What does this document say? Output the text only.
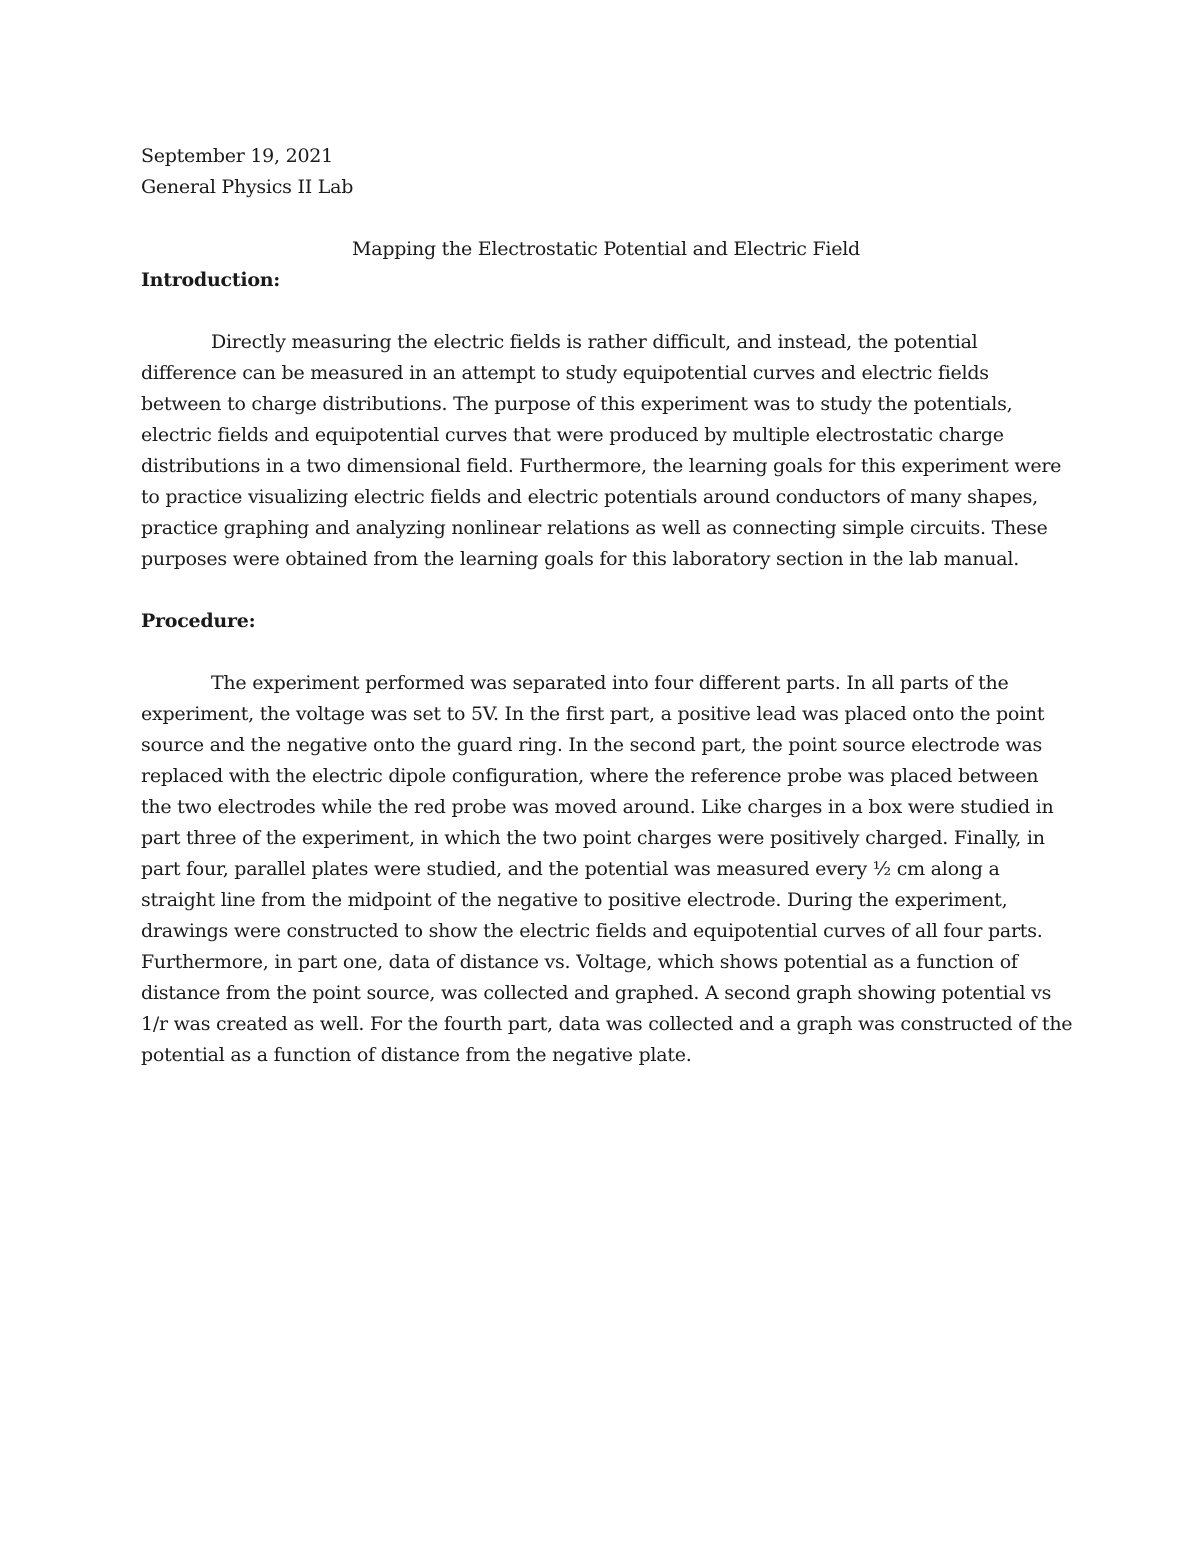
September 19, 2021
General Physics II Lab
Mapping the Electrostatic Potential and Electric Field
Introduction:
Directly measuring the electric fields is rather difficult, and instead, the potential
difference can be measured in an attempt to study equipotential curves and electric fields
between to charge distributions. The purpose of this experiment was to study the potentials,
electric fields and equipotential curves that were produced by multiple electrostatic charge
distributions in a two dimensional field. Furthermore, the learning goals for this experiment were
to practice visualizing electric fields and electric potentials around conductors of many shapes,
practice graphing and analyzing nonlinear relations as well as connecting simple circuits. These
purposes were obtained from the learning goals for this laboratory section in the lab manual.
Procedure:
The experiment performed was separated into four different parts. In all parts of the
experiment, the voltage was set to 5V. In the first part, a positive lead was placed onto the point
source and the negative onto the guard ring. In the second part, the point source electrode was
replaced with the electric dipole configuration, where the reference probe was placed between
the two electrodes while the red probe was moved around. Like charges in a box were studied in
part three of the experiment, in which the two point charges were positively charged. Finally, in
part four, parallel plates were studied, and the potential was measured every ½ cm along a
straight line from the midpoint of the negative to positive electrode. During the experiment,
drawings were constructed to show the electric fields and equipotential curves of all four parts.
Furthermore, in part one, data of distance vs. Voltage, which shows potential as a function of
distance from the point source, was collected and graphed. A second graph showing potential vs
1/r was created as well. For the fourth part, data was collected and a graph was constructed of the
potential as a function of distance from the negative plate.
